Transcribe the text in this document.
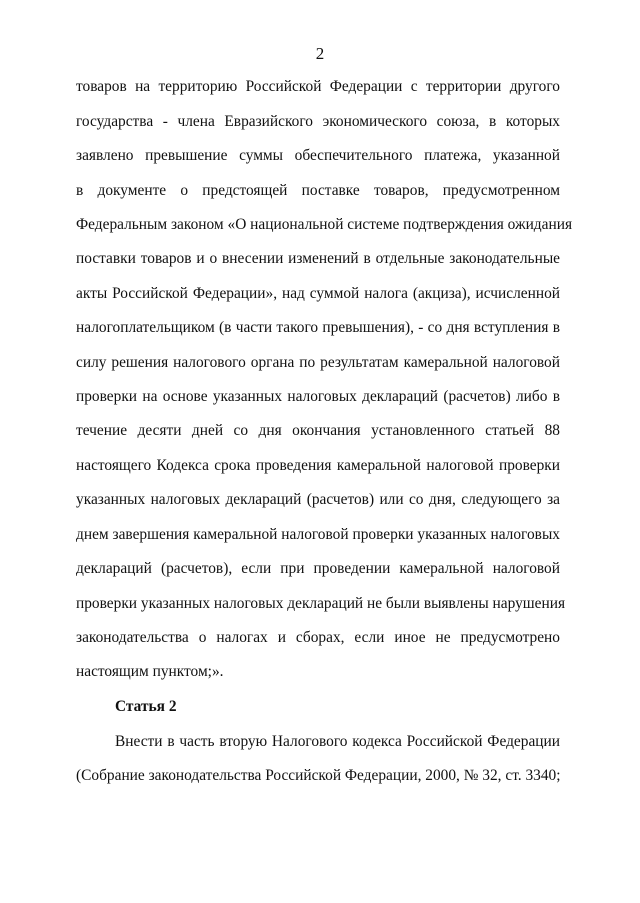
2
товаров на территорию Российской Федерации с территории другого
государства - члена Евразийского экономического союза, в которых
заявлено превышение суммы обеспечительного платежа, указанной
в документе о предстоящей поставке товаров, предусмотренном
Федеральным законом «О национальной системе подтверждения ожидания
поставки товаров и о внесении изменений в отдельные законодательные
акты Российской Федерации», над суммой налога (акциза), исчисленной
налогоплательщиком (в части такого превышения), - со дня вступления в
силу решения налогового органа по результатам камеральной налоговой
проверки на основе указанных налоговых деклараций (расчетов) либо в
течение десяти дней со дня окончания установленного статьей 88
настоящего Кодекса срока проведения камеральной налоговой проверки
указанных налоговых деклараций (расчетов) или со дня, следующего за
днем завершения камеральной налоговой проверки указанных налоговых
деклараций (расчетов), если при проведении камеральной налоговой
проверки указанных налоговых деклараций не были выявлены нарушения
законодательства о налогах и сборах, если иное не предусмотрено
настоящим пунктом;».
Статья 2
Внести в часть вторую Налогового кодекса Российской Федерации
(Собрание законодательства Российской Федерации, 2000, № 32, ст. 3340;
